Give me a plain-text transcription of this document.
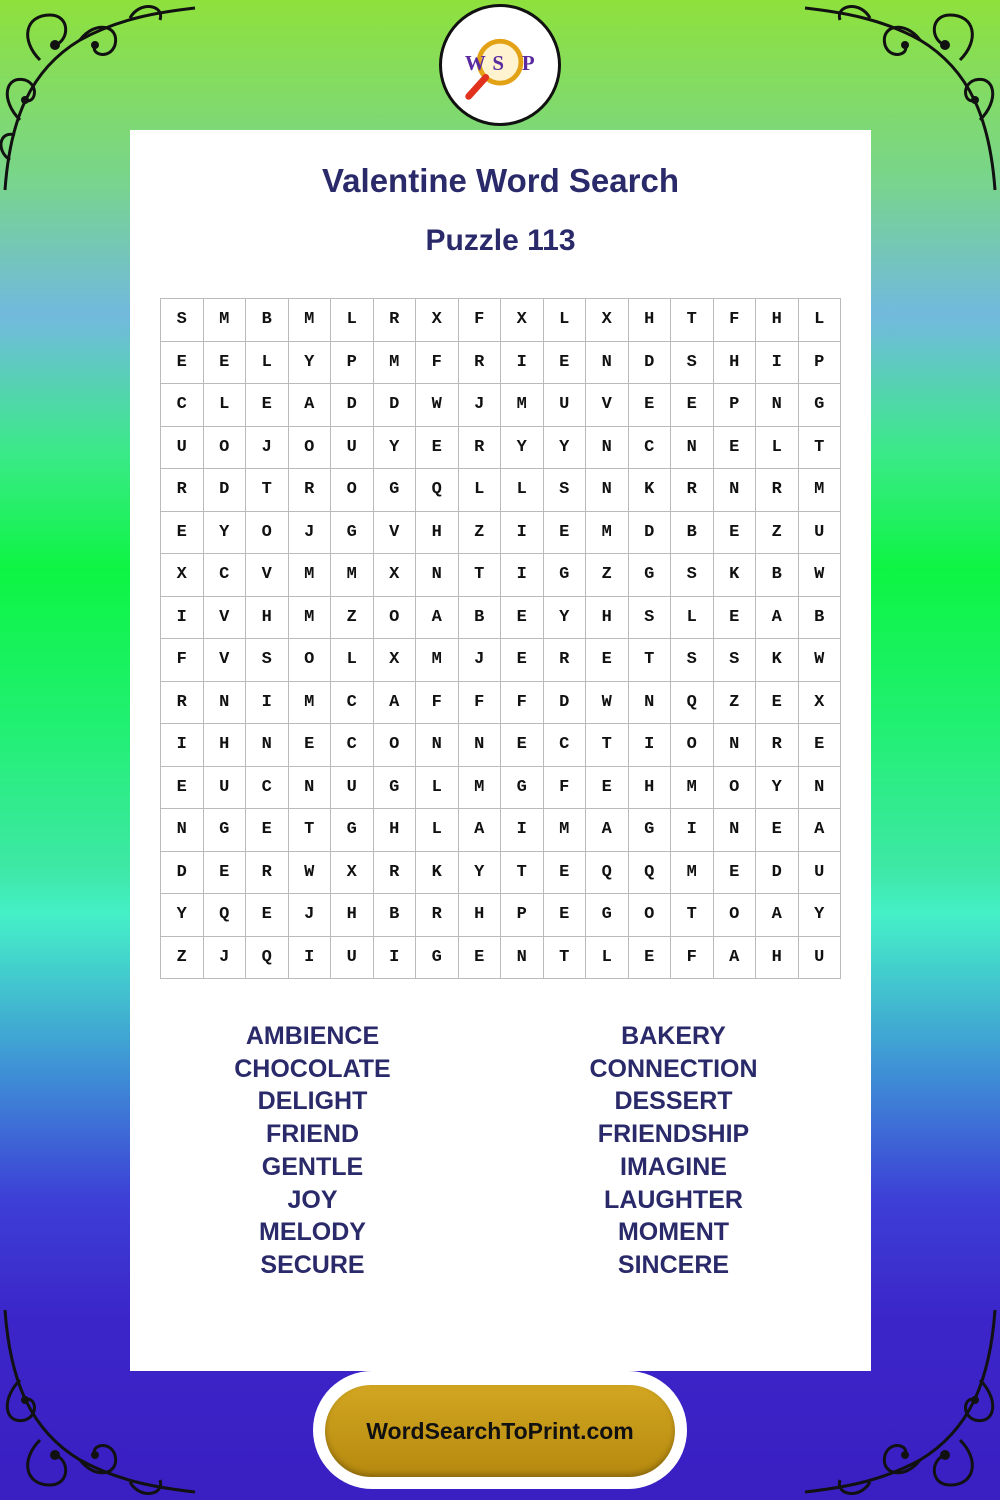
W S P
Valentine Word Search
Puzzle 113
S	M	B	M	L	R	X	F	X	L	X	H	T	F	H	L
E	E	L	Y	P	M	F	R	I	E	N	D	S	H	I	P
C	L	E	A	D	D	W	J	M	U	V	E	E	P	N	G
U	O	J	O	U	Y	E	R	Y	Y	N	C	N	E	L	T
R	D	T	R	O	G	Q	L	L	S	N	K	R	N	R	M
E	Y	O	J	G	V	H	Z	I	E	M	D	B	E	Z	U
X	C	V	M	M	X	N	T	I	G	Z	G	S	K	B	W
I	V	H	M	Z	O	A	B	E	Y	H	S	L	E	A	B
F	V	S	O	L	X	M	J	E	R	E	T	S	S	K	W
R	N	I	M	C	A	F	F	F	D	W	N	Q	Z	E	X
I	H	N	E	C	O	N	N	E	C	T	I	O	N	R	E
E	U	C	N	U	G	L	M	G	F	E	H	M	O	Y	N
N	G	E	T	G	H	L	A	I	M	A	G	I	N	E	A
D	E	R	W	X	R	K	Y	T	E	Q	Q	M	E	D	U
Y	Q	E	J	H	B	R	H	P	E	G	O	T	O	A	Y
Z	J	Q	I	U	I	G	E	N	T	L	E	F	A	H	U
AMBIENCE
CHOCOLATE
DELIGHT
FRIEND
GENTLE
JOY
MELODY
SECURE
BAKERY
CONNECTION
DESSERT
FRIENDSHIP
IMAGINE
LAUGHTER
MOMENT
SINCERE
WordSearchToPrint.com
